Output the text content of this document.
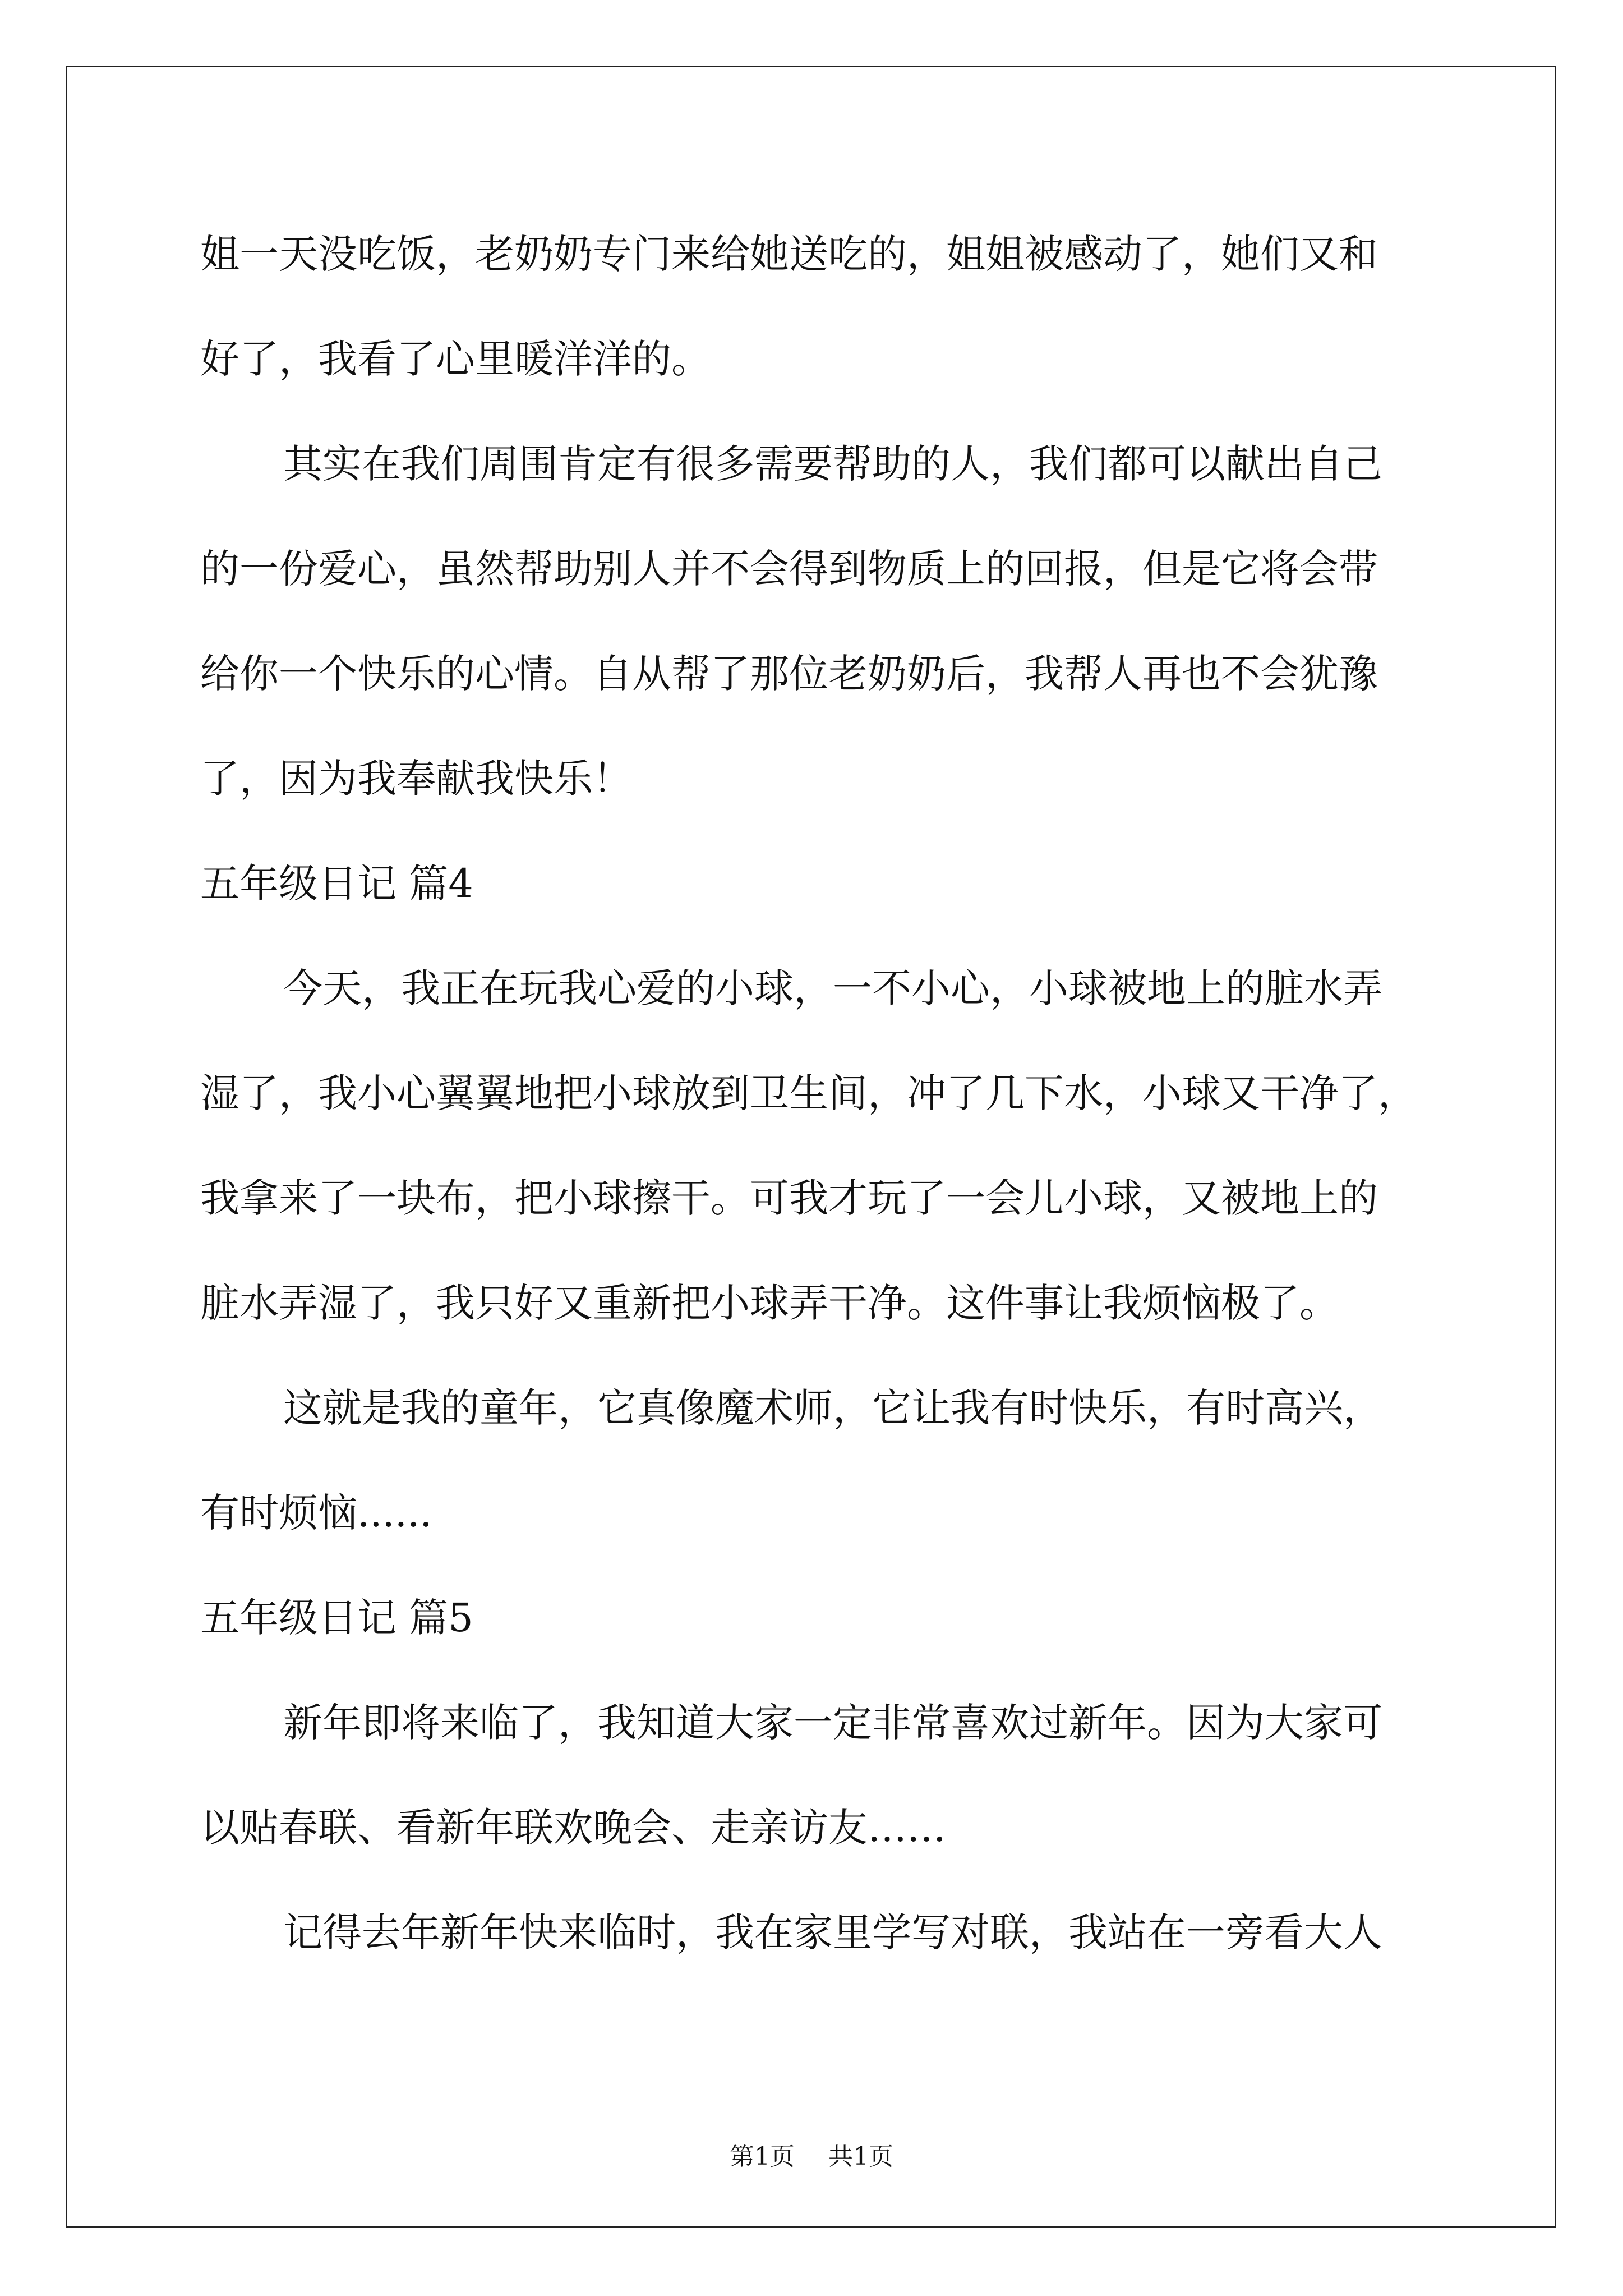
姐一天没吃饭，老奶奶专门来给她送吃的，姐姐被感动了，她们又和
好了，我看了心里暖洋洋的。
其实在我们周围肯定有很多需要帮助的人，我们都可以献出自己
的一份爱心，虽然帮助别人并不会得到物质上的回报，但是它将会带
给你一个快乐的心情。自从帮了那位老奶奶后，我帮人再也不会犹豫
了，因为我奉献我快乐！
五年级日记 篇4
今天，我正在玩我心爱的小球，一不小心，小球被地上的脏水弄
湿了，我小心翼翼地把小球放到卫生间，冲了几下水，小球又干净了，
我拿来了一块布，把小球擦干。可我才玩了一会儿小球，又被地上的
脏水弄湿了，我只好又重新把小球弄干净。这件事让我烦恼极了。
这就是我的童年，它真像魔术师，它让我有时快乐，有时高兴，
有时烦恼......
五年级日记 篇5
新年即将来临了，我知道大家一定非常喜欢过新年。因为大家可
以贴春联、看新年联欢晚会、走亲访友……
记得去年新年快来临时，我在家里学写对联，我站在一旁看大人
第1页 共1页
